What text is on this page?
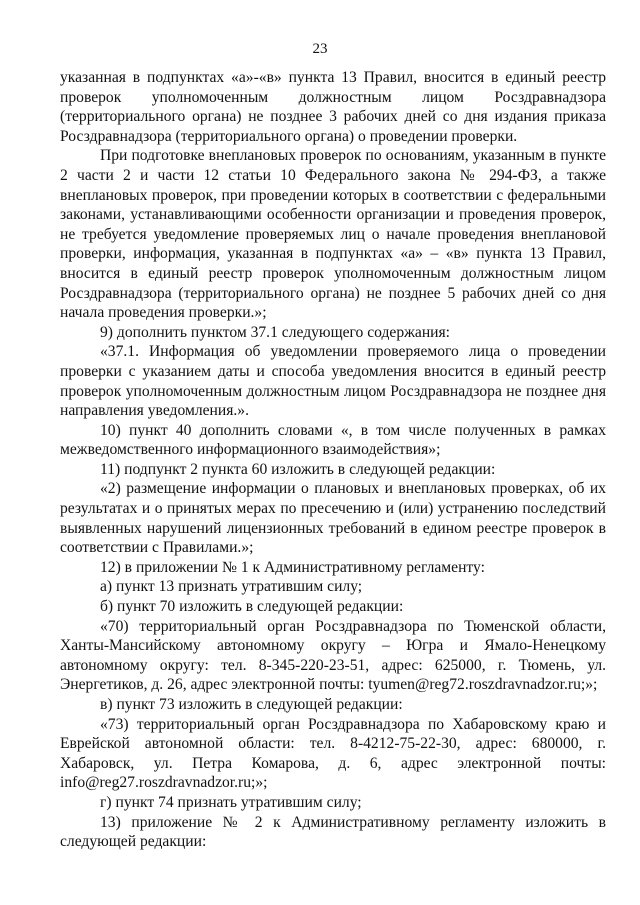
23

указанная в подпунктах «а»-«в» пункта 13 Правил, вносится в единый реестр проверок уполномоченным должностным лицом Росздравнадзора (территориального органа) не позднее 3 рабочих дней со дня издания приказа Росздравнадзора (территориального органа) о проведении проверки.

При подготовке внеплановых проверок по основаниям, указанным в пункте 2 части 2 и части 12 статьи 10 Федерального закона № 294-ФЗ, а также внеплановых проверок, при проведении которых в соответствии с федеральными законами, устанавливающими особенности организации и проведения проверок, не требуется уведомление проверяемых лиц о начале проведения внеплановой проверки, информация, указанная в подпунктах «а» – «в» пункта 13 Правил, вносится в единый реестр проверок уполномоченным должностным лицом Росздравнадзора (территориального органа) не позднее 5 рабочих дней со дня начала проведения проверки.»;

9) дополнить пунктом 37.1 следующего содержания:

«37.1. Информация об уведомлении проверяемого лица о проведении проверки с указанием даты и способа уведомления вносится в единый реестр проверок уполномоченным должностным лицом Росздравнадзора не позднее дня направления уведомления.».

10) пункт 40 дополнить словами «, в том числе полученных в рамках межведомственного информационного взаимодействия»;

11) подпункт 2 пункта 60 изложить в следующей редакции:

«2) размещение информации о плановых и внеплановых проверках, об их результатах и о принятых мерах по пресечению и (или) устранению последствий выявленных нарушений лицензионных требований в едином реестре проверок в соответствии с Правилами.»;

12) в приложении № 1 к Административному регламенту:

а) пункт 13 признать утратившим силу;

б) пункт 70 изложить в следующей редакции:

«70) территориальный орган Росздравнадзора по Тюменской области, Ханты-Мансийскому автономному округу – Югра и Ямало-Ненецкому автономному округу: тел. 8-345-220-23-51, адрес: 625000, г. Тюмень, ул. Энергетиков, д. 26, адрес электронной почты: tyumen@reg72.roszdravnadzor.ru;»;

в) пункт 73 изложить в следующей редакции:

«73) территориальный орган Росздравнадзора по Хабаровскому краю и Еврейской автономной области: тел. 8-4212-75-22-30, адрес: 680000, г. Хабаровск, ул. Петра Комарова, д. 6, адрес электронной почты: info@reg27.roszdravnadzor.ru;»;

г) пункт 74 признать утратившим силу;

13) приложение № 2 к Административному регламенту изложить в следующей редакции:
